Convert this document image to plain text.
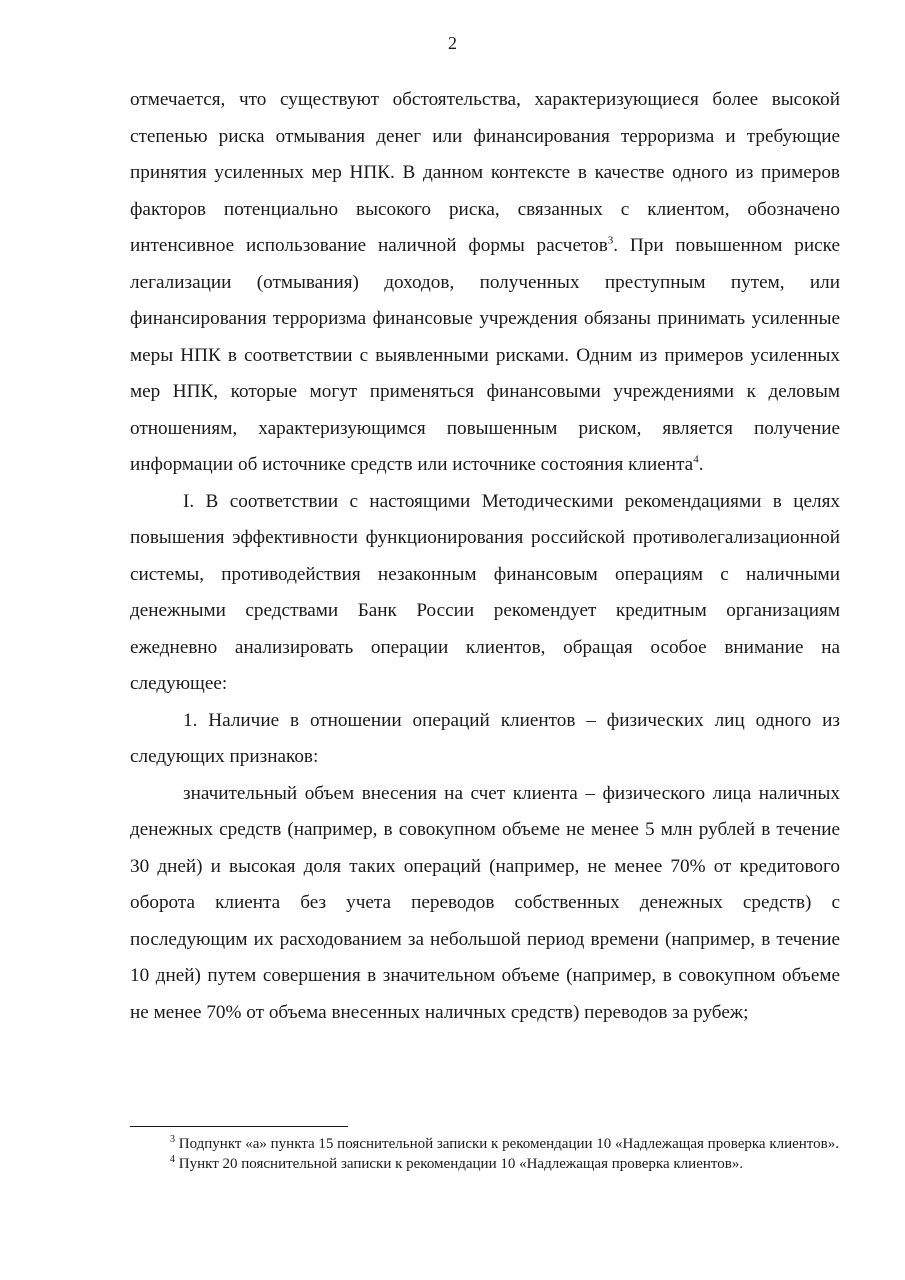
2

отмечается, что существуют обстоятельства, характеризующиеся более высокой степенью риска отмывания денег или финансирования терроризма и требующие принятия усиленных мер НПК. В данном контексте в качестве одного из примеров факторов потенциально высокого риска, связанных с клиентом, обозначено интенсивное использование наличной формы расчетов$^3$. При повышенном риске легализации (отмывания) доходов, полученных преступным путем, или финансирования терроризма финансовые учреждения обязаны принимать усиленные меры НПК в соответствии с выявленными рисками. Одним из примеров усиленных мер НПК, которые могут применяться финансовыми учреждениями к деловым отношениям, характеризующимся повышенным риском, является получение информации об источнике средств или источнике состояния клиента$^4$.

I. В соответствии с настоящими Методическими рекомендациями в целях повышения эффективности функционирования российской противолегализационной системы, противодействия незаконным финансовым операциям с наличными денежными средствами Банк России рекомендует кредитным организациям ежедневно анализировать операции клиентов, обращая особое внимание на следующее:

1. Наличие в отношении операций клиентов – физических лиц одного из следующих признаков:

значительный объем внесения на счет клиента – физического лица наличных денежных средств (например, в совокупном объеме не менее 5 млн рублей в течение 30 дней) и высокая доля таких операций (например, не менее 70% от кредитового оборота клиента без учета переводов собственных денежных средств) с последующим их расходованием за небольшой период времени (например, в течение 10 дней) путем совершения в значительном объеме (например, в совокупном объеме не менее 70% от объема внесенных наличных средств) переводов за рубеж;

$^3$ Подпункт «а» пункта 15 пояснительной записки к рекомендации 10 «Надлежащая проверка клиентов».

$^4$ Пункт 20 пояснительной записки к рекомендации 10 «Надлежащая проверка клиентов».
